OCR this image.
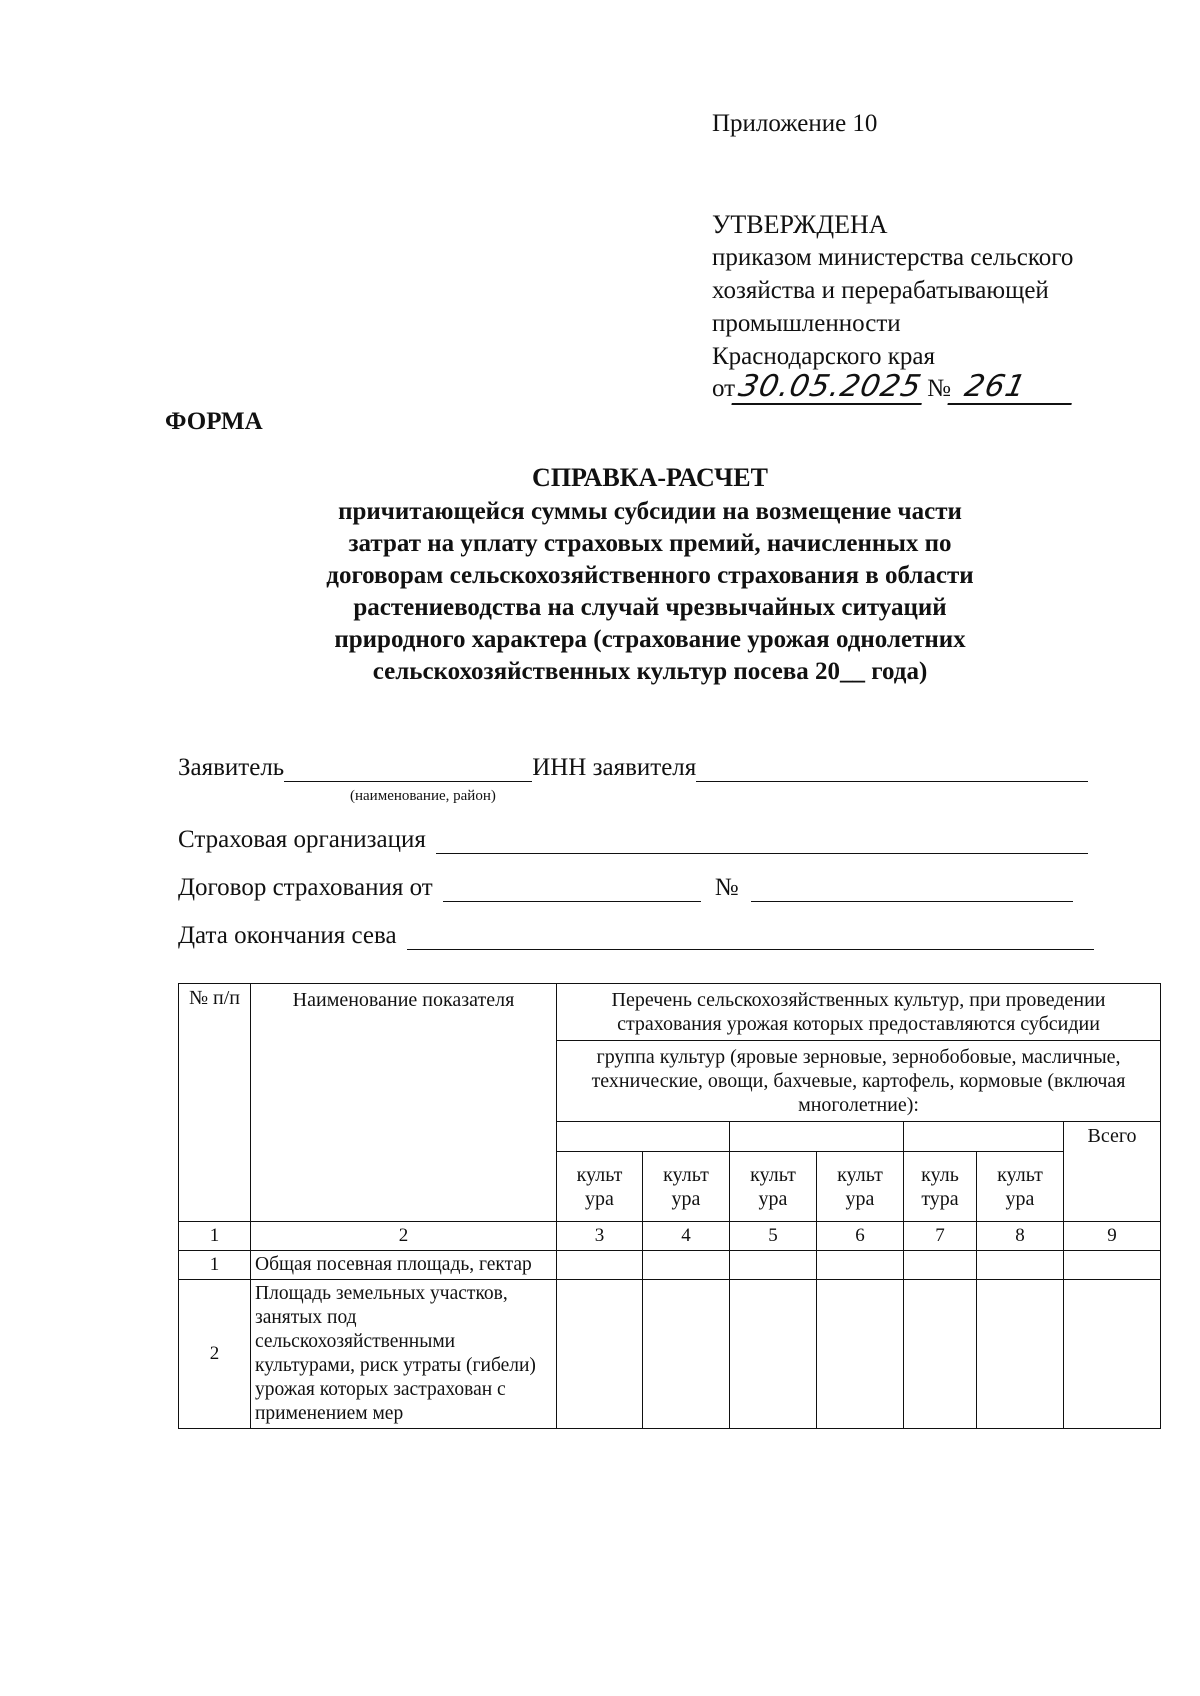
Приложение 10
УТВЕРЖДЕНА
приказом министерства сельского
хозяйства и перерабатывающей
промышленности
Краснодарского края
от 30.05.2025 № 261
ФОРМА
СПРАВКА-РАСЧЕТ
причитающейся суммы субсидии на возмещение части
затрат на уплату страховых премий, начисленных по
договорам сельскохозяйственного страхования в области
растениеводства на случай чрезвычайных ситуаций
природного характера (страхование урожая однолетних
сельскохозяйственных культур посева 20__ года)
Заявитель	ИНН заявителя
(наименование, район)
Страховая организация
Договор страхования от	№
Дата окончания сева
№ п/п	Наименование показателя	Перечень сельскохозяйственных культур, при проведении страхования урожая которых предоставляются субсидии						
		группа культур (яровые зерновые, зернобобовые, масличные, технические, овощи, бахчевые, картофель, кормовые (включая многолетние):						
								Всего
		культ ура	культ ура	культ ура	культ ура	куль тура	культ ура	
1	2	3	4	5	6	7	8	9
1	Общая посевная площадь, гектар							
2	Площадь земельных участков, занятых под сельскохозяйственными культурами, риск утраты (гибели) урожая которых застрахован с применением мер							
